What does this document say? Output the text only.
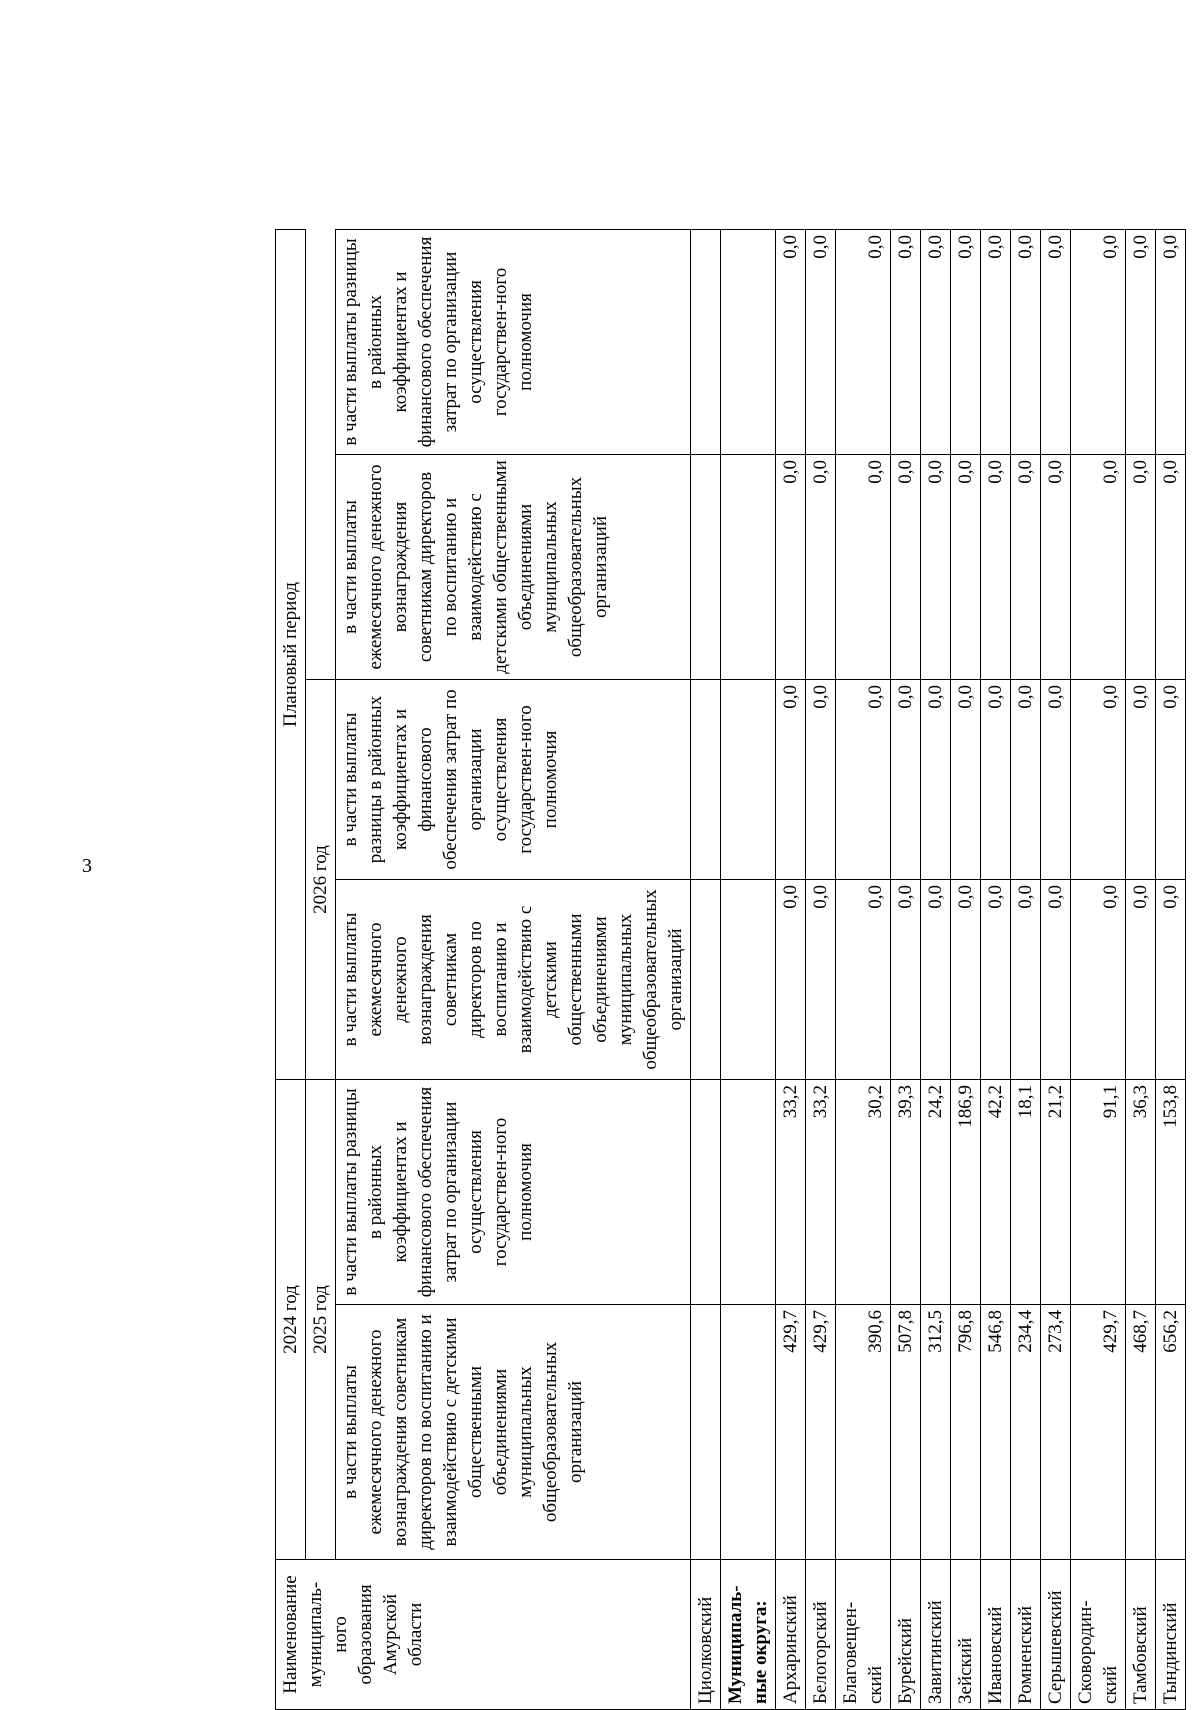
3
Наименование муниципаль-ного образования Амурской области	2024 год		Плановый период			
	2025 год		2026 год			
	в части выплаты ежемесячного денежного вознаграждения советникам директоров по воспитанию и взаимодействию с детскими общественными объединениями муниципальных общеобразовательных организаций	в части выплаты разницы в районных коэффициентах и финансового обеспечения затрат по организации осуществления государствен-ного полномочия	в части выплаты ежемесячного денежного вознаграждения советникам директоров по воспитанию и взаимодействию с детскими общественными объединениями муниципальных общеобразовательных организаций	в части выплаты разницы в районных коэффициентах и финансового обеспечения затрат по организации осуществления государствен-ного полномочия	в части выплаты ежемесячного денежного вознаграждения советникам директоров по воспитанию и взаимодействию с детскими общественными объединениями муниципальных общеобразовательных организаций	в части выплаты разницы в районных коэффициентах и финансового обеспечения затрат по организации осуществления государствен-ного полномочия
Циолковский						
Муниципаль-ные округа:						
Архаринский	429,7	33,2	0,0	0,0	0,0	0,0
Белогорский	429,7	33,2	0,0	0,0	0,0	0,0
Благовещен-ский	390,6	30,2	0,0	0,0	0,0	0,0
Бурейский	507,8	39,3	0,0	0,0	0,0	0,0
Завитинский	312,5	24,2	0,0	0,0	0,0	0,0
Зейский	796,8	186,9	0,0	0,0	0,0	0,0
Ивановский	546,8	42,2	0,0	0,0	0,0	0,0
Ромненский	234,4	18,1	0,0	0,0	0,0	0,0
Серышевский	273,4	21,2	0,0	0,0	0,0	0,0
Сковородин-ский	429,7	91,1	0,0	0,0	0,0	0,0
Тамбовский	468,7	36,3	0,0	0,0	0,0	0,0
Тындинский	656,2	153,8	0,0	0,0	0,0	0,0
